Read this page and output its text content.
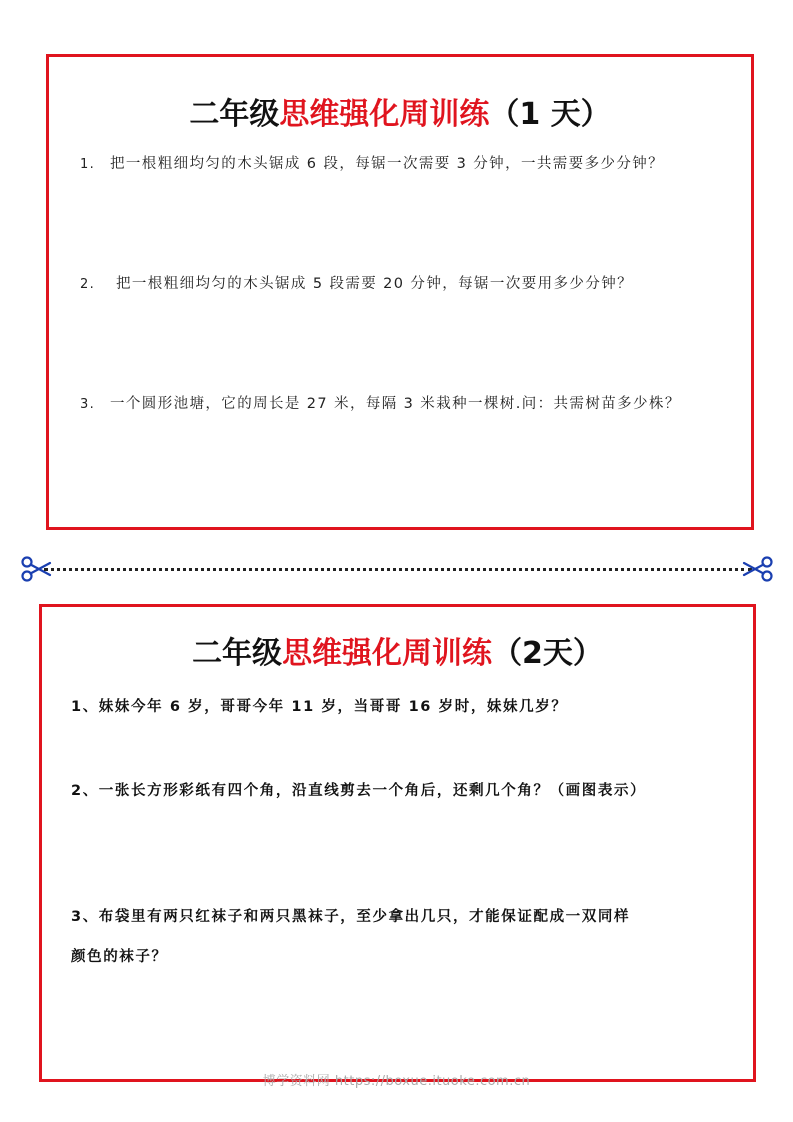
二年级思维强化周训练（1 天）
1. 把一根粗细均匀的木头锯成 6 段，每锯一次需要 3 分钟，一共需要多少分钟？
2. 把一根粗细均匀的木头锯成 5 段需要 20 分钟，每锯一次要用多少分钟？
3. 一个圆形池塘，它的周长是 27 米，每隔 3 米栽种一棵树.问：共需树苗多少株？
二年级思维强化周训练（2天）
1、妹妹今年 6 岁，哥哥今年 11 岁，当哥哥 16 岁时，妹妹几岁？
2、一张长方形彩纸有四个角，沿直线剪去一个角后，还剩几个角？（画图表示）
3、布袋里有两只红袜子和两只黑袜子，至少拿出几只，才能保证配成一双同样
颜色的袜子？
博学资料网 https://boxue.ituoke.com.cn
